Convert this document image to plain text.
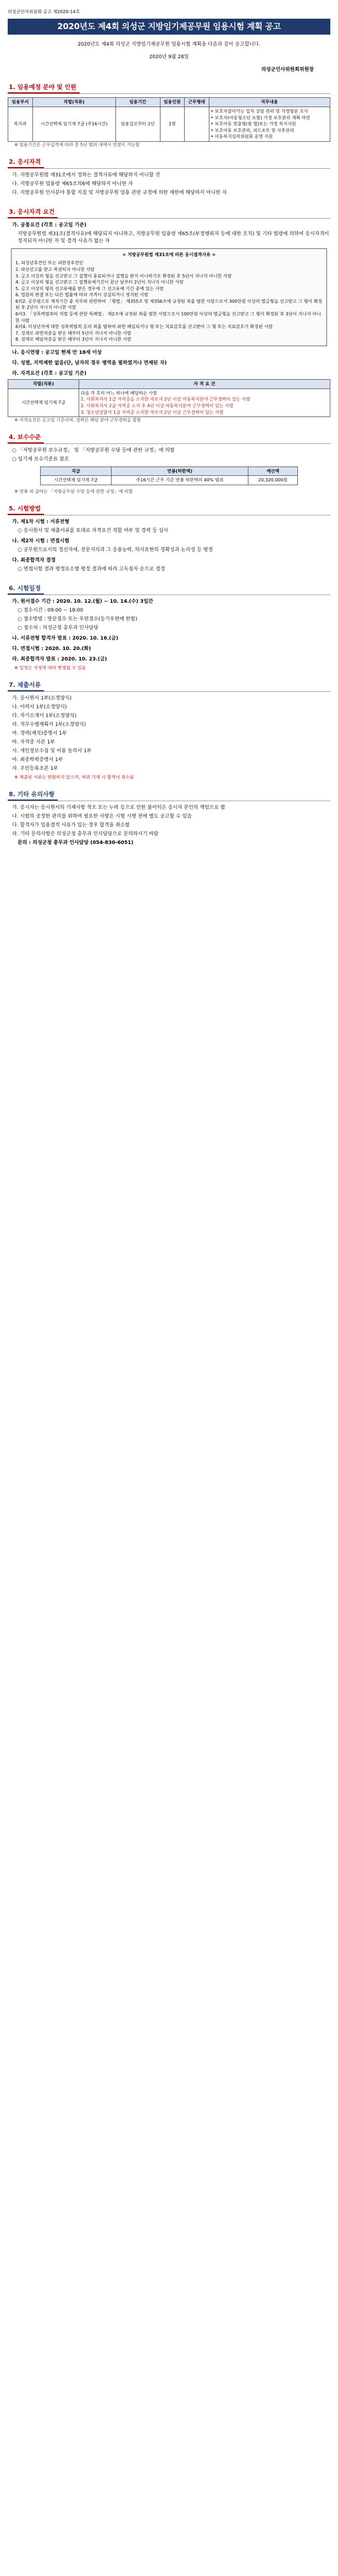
의성군인사위원회 공고 제2020-14호
2020년도 제4회 의성군 지방임기제공무원 임용시험 계획 공고
2020년도 제4회 의성군 지방임기제공무원 임용시험 계획을 다음과 같이 공고합니다.
2020년 9월 28일
의성군인사위원회위원장
1. 임용예정 분야 및 인원
임용부서	직렬(직류)	임용기간	임용인원	근무형태	직무내용
복지과	시간선택제 임기제 7급 (주16시간)	임용일로부터 2년	1명		• 보호자살아가는 일자 상담 관리 및 가정방문 조사
• 보호자(아동청소년 포함) 가정 보호관리 계획 마련
• 보호아동 맞춤형(원 협)또는 가정 복지지원
• 보호아동 보호관리, 피드포트 및 사후관리
• 아동복지심의위원회 운영 지원
※ 임용기간은 근무실적에 따라 총 5년 범위 내에서 연장이 가능함
2. 응시자격
가. 지방공무원법 제31조에서 정하는 결격사유에 해당하지 아니할 것
나. 지방공무원 임용령 제65조의6에 해당하지 아니한 자
다. 지방공무원 인사분야 통합 지침 및 지방공무원 임용 관련 규정에 의한 제한에 해당하지 아니한 자
3. 응시자격 요건
가. 공통요건 (각호 : 공고일 기준)
지방공무원법 제31조(결격사유)에 해당되지 아니하고, 지방공무원 임용령 제65조(부정행위자 등에 대한 조치) 및 기타 법령에 의하여 응시자격이 정지되지 아니한 자 및 결격 사유가 없는 자
< 지방공무원법 제31조에 따른 응시결격사유 >
1. 피성년후견인 또는 피한정후견인
2. 파산선고를 받고 복권되지 아니한 사람
3. 금고 이상의 형을 선고받고 그 집행이 종료되거나 집행을 받지 아니하기로 확정된 후 5년이 지나지 아니한 사람
4. 금고 이상의 형을 선고받고 그 집행유예기간이 끝난 날부터 2년이 지나지 아니한 사람
5. 금고 이상의 형의 선고유예를 받은 경우에 그 선고유예 기간 중에 있는 사람
6. 법원의 판결 또는 다른 법률에 따라 자격이 상실되거나 정지된 사람
6의2. 공무원으로 재직기간 중 직무와 관련하여 「형법」 제355조 및 제356조에 규정된 죄를 범한 사람으로서 300만원 이상의 벌금형을 선고받고 그 형이 확정된 후 2년이 지나지 아니한 사람
6의3. 「성폭력범죄의 처벌 등에 관한 특례법」 제2조에 규정된 죄를 범한 사람으로서 100만원 이상의 벌금형을 선고받고 그 형이 확정된 후 3년이 지나지 아니한 사람
6의4. 미성년자에 대한 성폭력범죄 등의 죄를 범하여 파면·해임되거나 형 또는 치료감호를 선고받아 그 형 또는 치료감호가 확정된 사람
7. 징계로 파면처분을 받은 때부터 5년이 지나지 아니한 사람
8. 징계로 해임처분을 받은 때부터 3년이 지나지 아니한 사람
나. 응시연령 : 공고일 현재 만 18세 이상
다. 성별, 지역제한 없음(단, 남자의 경우 병역을 필하였거나 면제된 자)
라. 자격요건 (각호 : 공고일 기준)
직렬(직류)	자 격 요 건
시간선택제 임기제 7급	다음 각 호의 어느 하나에 해당하는 사람
1. 사회복지사 1급 자격증을 소지한 자로서 2년 이상 아동복지분야 근무경력이 있는 사람
2. 사회복지사 2급 자격증 소지 후 4년 이상 아동복지분야 근무경력이 있는 사람
3. 청소년상담사 1급 자격증 소지한 자로서 2년 이상 근무경력이 있는 사람
※ 자격요건은 공고일 기준이며, 경력은 해당 분야 근무경력을 말함
4. 보수수준
○ 「지방공무원 보수규정」 및 「지방공무원 수당 등에 관한 규정」에 의함
○ 임기제 보수기준표 참조
직급	연봉(하한액)	예산액
시간선택제 임기제 7급	주16시간 근무 기준 연봉 하한액의 40% 범위	20,320,000원
※ 연봉 외 급여는 「지방공무원 수당 등에 관한 규정」에 의함
5. 시험방법
가. 제1차 시험 : 서류전형
○ 응시원서 및 제출서류를 토대로 자격요건 적합 여부 및 경력 등 심사
나. 제2차 시험 : 면접시험
○ 공무원으로서의 정신자세, 전문지식과 그 응용능력, 의사표현의 정확성과 논리성 등 평정
다. 최종합격자 결정
○ 면접시험 결과 평정요소별 평정 결과에 따라 고득점자 순으로 결정
6. 시험일정
가. 원서접수 기간 : 2020. 10. 12.(월) ~ 10. 14.(수) 3일간
○ 접수시간 : 09:00 ~ 18:00
○ 접수방법 : 방문접수 또는 우편접수(등기우편에 한함)
○ 접수처 : 의성군청 총무과 인사담당
나. 서류전형 합격자 발표 : 2020. 10. 16.(금)
다. 면접시험 : 2020. 10. 20.(화)
라. 최종합격자 발표 : 2020. 10. 23.(금)
※ 일정은 사정에 따라 변경될 수 있음
7. 제출서류
가. 응시원서 1부(소정양식)
나. 이력서 1부(소정양식)
다. 자기소개서 1부(소정양식)
라. 직무수행계획서 1부(소정양식)
마. 경력(재직)증명서 1부
바. 자격증 사본 1부
사. 개인정보수집 및 이용 동의서 1부
아. 최종학력증명서 1부
자. 주민등록초본 1부
※ 제출된 서류는 반환하지 않으며, 허위 기재 시 합격이 취소됨
8. 기타 유의사항
가. 응시자는 응시원서의 기재사항 착오 또는 누락 등으로 인한 불이익은 응시자 본인의 책임으로 함
나. 시험의 공정한 관리를 위하여 필요한 사항은 시험 시행 전에 별도 공고할 수 있음
다. 합격자가 임용결격 사유가 있는 경우 합격을 취소함
라. 기타 문의사항은 의성군청 총무과 인사담당으로 문의하시기 바람
문의 : 의성군청 총무과 인사담당 (054-830-6051)
